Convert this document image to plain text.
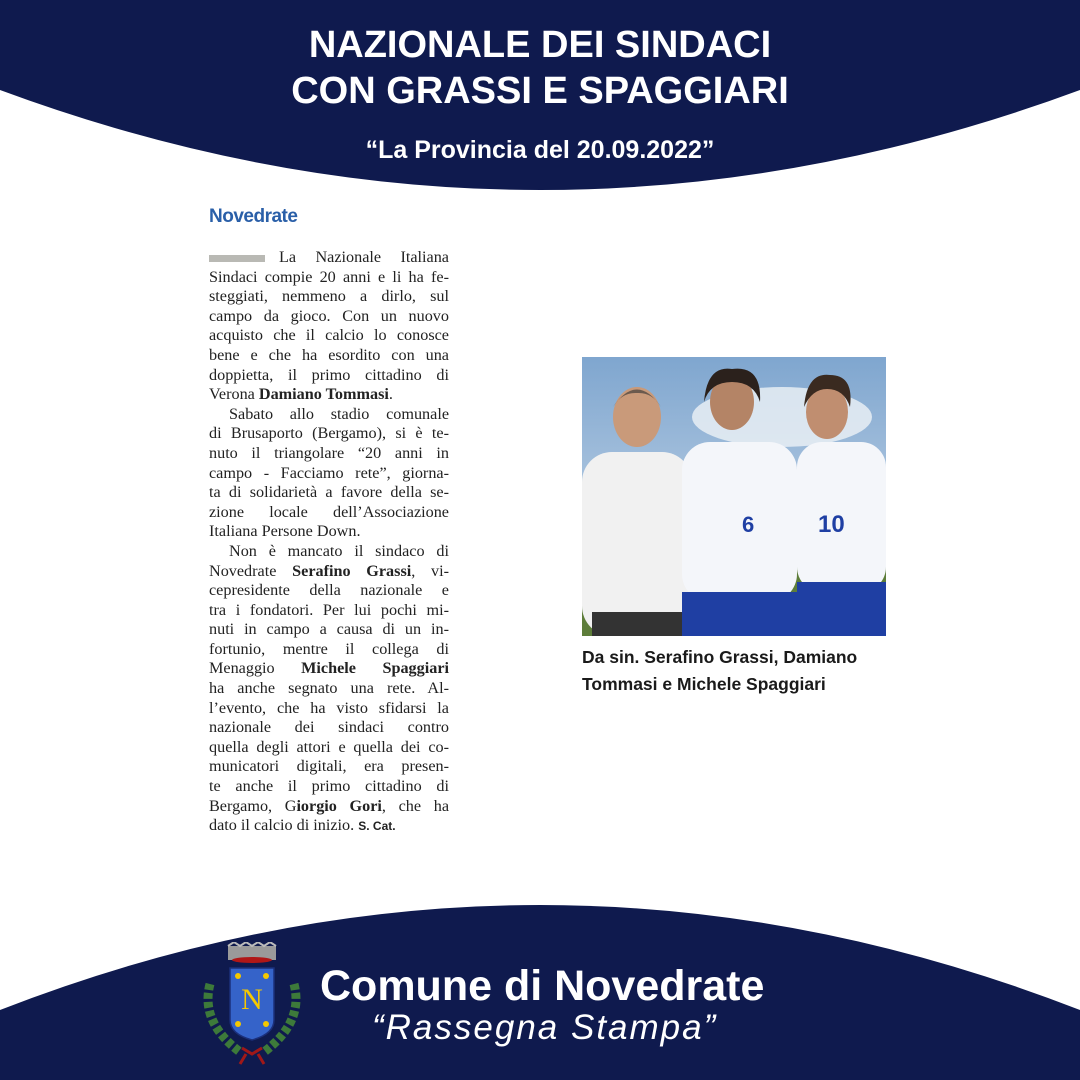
NAZIONALE DEI SINDACI
CON GRASSI E SPAGGIARI
“La Provincia del 20.09.2022”
Novedrate
La Nazionale Italiana
Sindaci compie 20 anni e li ha fe-
steggiati, nemmeno a dirlo, sul
campo da gioco. Con un nuovo
acquisto che il calcio lo conosce
bene e che ha esordito con una
doppietta, il primo cittadino di
Verona Damiano Tommasi.
Sabato allo stadio comunale
di Brusaporto (Bergamo), si è te-
nuto il triangolare “20 anni in
campo - Facciamo rete”, giorna-
ta di solidarietà a favore della se-
zione locale dell’Associazione
Italiana Persone Down.
Non è mancato il sindaco di
Novedrate Serafino Grassi, vi-
cepresidente della nazionale e
tra i fondatori. Per lui pochi mi-
nuti in campo a causa di un in-
fortunio, mentre il collega di
Menaggio Michele Spaggiari
ha anche segnato una rete. Al-
l’evento, che ha visto sfidarsi la
nazionale dei sindaci contro
quella degli attori e quella dei co-
municatori digitali, era presen-
te anche il primo cittadino di
Bergamo, Giorgio Gori, che ha
dato il calcio di inizio. S. Cat.
6	10
Da sin. Serafino Grassi, Damiano Tommasi e Michele Spaggiari
N Comune di Novedrate
“Rassegna Stampa”
